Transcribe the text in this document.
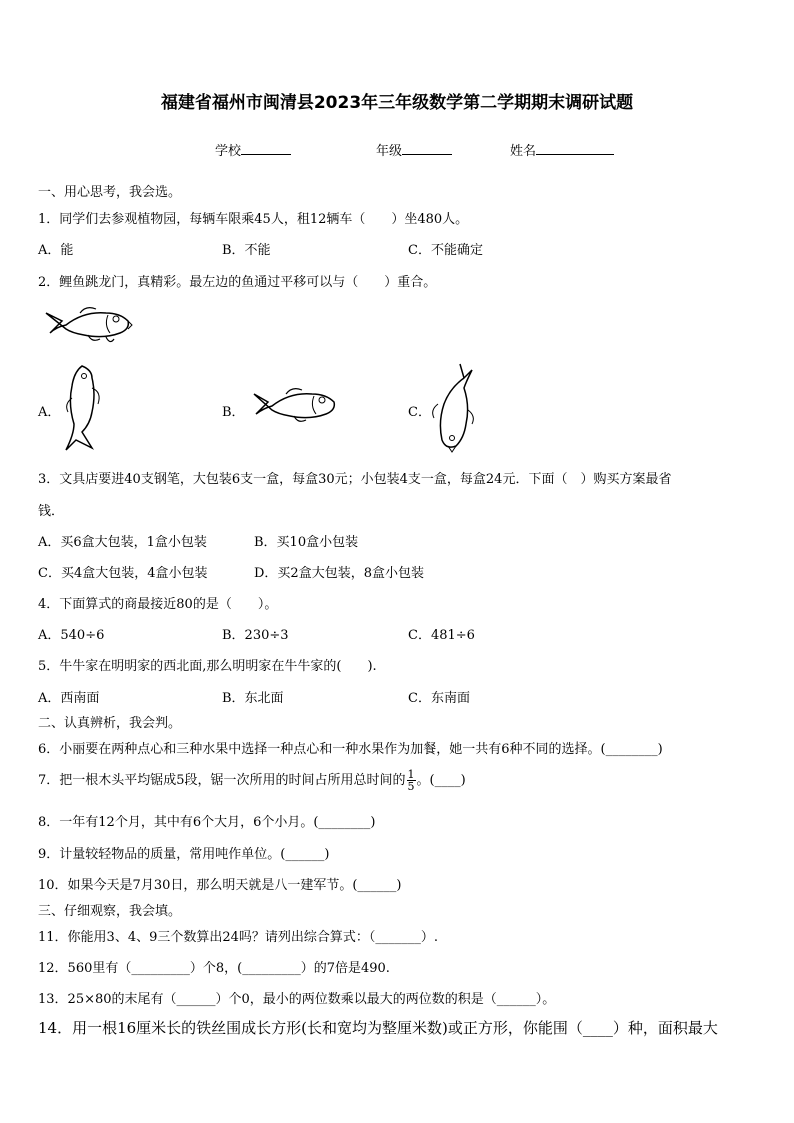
福建省福州市闽清县2023年三年级数学第二学期期末调研试题
学校	年级	姓名
一、用心思考，我会选。
1．同学们去参观植物园，每辆车限乘45人，租12辆车（　　）坐480人。
A．能	B．不能	C．不能确定
2．鲤鱼跳龙门，真精彩。最左边的鱼通过平移可以与（　　）重合。
A．	B．	C．
3．文具店要进40支钢笔，大包装6支一盒，每盒30元；小包装4支一盒，每盒24元．下面（　）购买方案最省
钱．
A．买6盒大包装，1盒小包装	B．买10盒小包装
C．买4盒大包装，4盒小包装	D．买2盒大包装，8盒小包装
4．下面算式的商最接近80的是（　　）。
A．540÷6	B．230÷3	C．481÷6
5．牛牛家在明明家的西北面,那么明明家在牛牛家的(　　).
A．西南面	B．东北面	C．东南面
二、认真辨析，我会判。
6．小丽要在两种点心和三种水果中选择一种点心和一种水果作为加餐，她一共有6种不同的选择。(________)
7．把一根木头平均锯成5段，锯一次所用的时间占所用总时间的 $\frac{1}{5}$ 。(____)
8．一年有12个月，其中有6个大月，6个小月。(________)
9．计量较轻物品的质量，常用吨作单位。(______)
10．如果今天是7月30日，那么明天就是八一建军节。(______)
三、仔细观察，我会填。
11．你能用3、4、9三个数算出24吗？请列出综合算式：（_______）.
12．560里有（_________）个8，(_________）的7倍是490.
13．25×80的末尾有（______）个0，最小的两位数乘以最大的两位数的积是（______）。
14．用一根16厘米长的铁丝围成长方形(长和宽均为整厘米数)或正方形，你能围（____）种，面积最大
